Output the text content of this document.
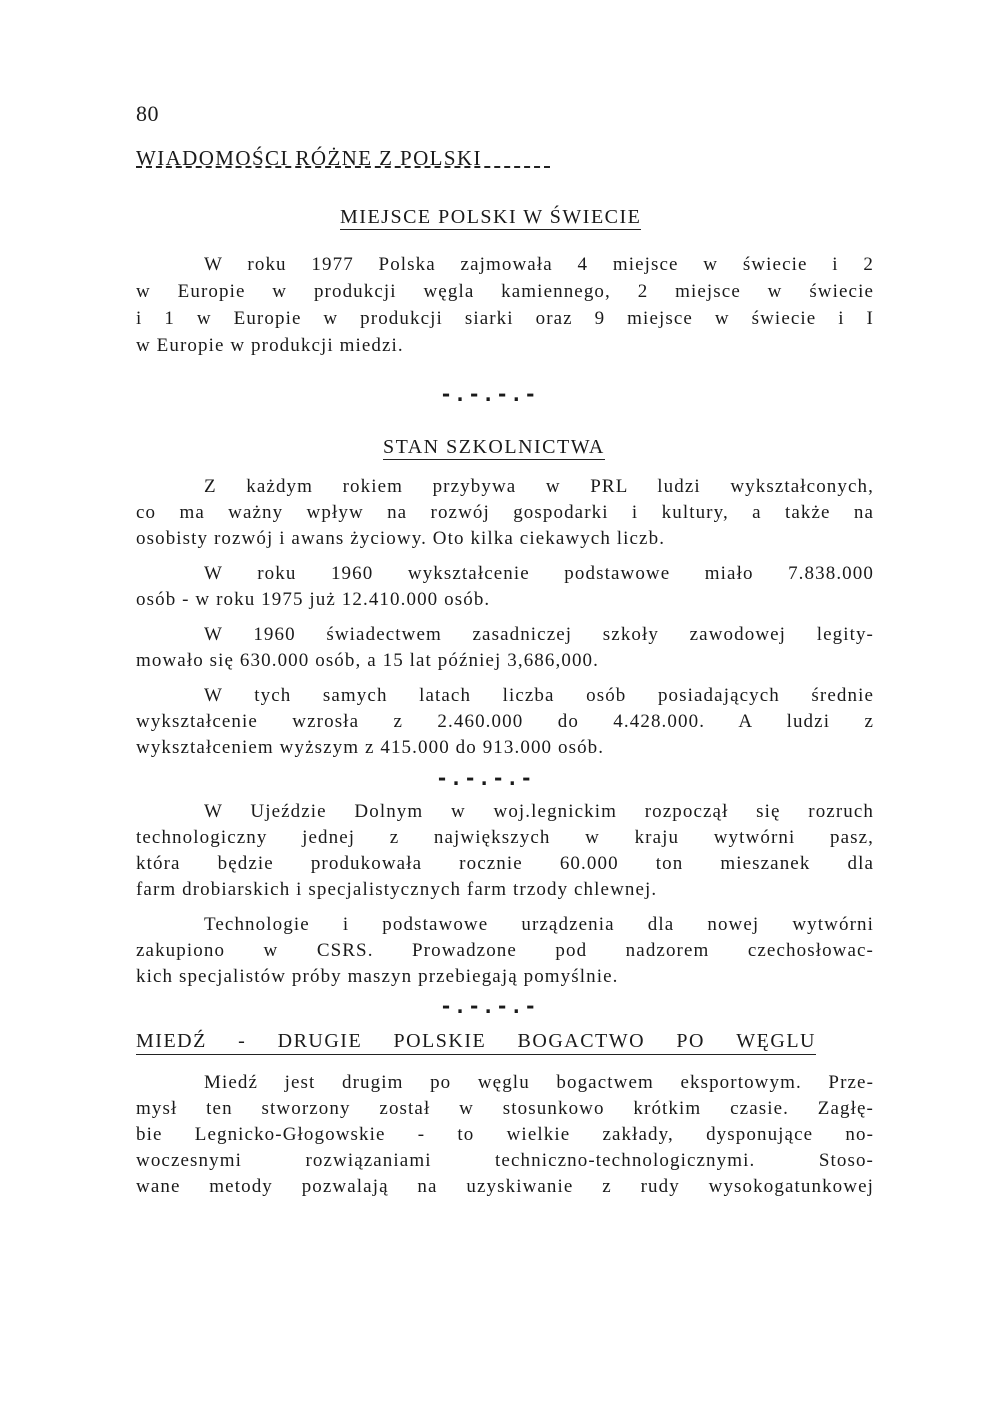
80
WIADOMOŚCI RÓŻNE Z POLSKI
MIEJSCE POLSKI W ŚWIECIE
W roku 1977 Polska zajmowała 4 miejsce w świecie i 2
w Europie w produkcji węgla kamiennego, 2 miejsce w świecie
i 1 w Europie w produkcji siarki oraz 9 miejsce w świecie i I
w Europie w produkcji miedzi.
-.-.-.-
STAN SZKOLNICTWA
Z każdym rokiem przybywa w PRL ludzi wykształconych,
co ma ważny wpływ na rozwój gospodarki i kultury, a także na
osobisty rozwój i awans życiowy. Oto kilka ciekawych liczb.
W roku 1960 wykształcenie podstawowe miało 7.838.000
osób - w roku 1975 już 12.410.000 osób.
W 1960 świadectwem zasadniczej szkoły zawodowej legity-
mowało się 630.000 osób, a 15 lat później 3,686,000.
W tych samych latach liczba osób posiadających średnie
wykształcenie wzrosła z 2.460.000 do 4.428.000. A ludzi z
wykształceniem wyższym z 415.000 do 913.000 osób.
-.-.-.-
W Ujeździe Dolnym w woj.legnickim rozpoczął się rozruch
technologiczny jednej z największych w kraju wytwórni pasz,
która będzie produkowała rocznie 60.000 ton mieszanek dla
farm drobiarskich i specjalistycznych farm trzody chlewnej.
Technologie i podstawowe urządzenia dla nowej wytwórni
zakupiono w CSRS. Prowadzone pod nadzorem czechosłowac-
kich specjalistów próby maszyn przebiegają pomyślnie.
-.-.-.-
MIEDŹ - DRUGIE POLSKIE BOGACTWO PO WĘGLU
Miedź jest drugim po węglu bogactwem eksportowym. Prze-
mysł ten stworzony został w stosunkowo krótkim czasie. Zagłę-
bie Legnicko-Głogowskie - to wielkie zakłady, dysponujące no-
woczesnymi rozwiązaniami techniczno-technologicznymi. Stoso-
wane metody pozwalają na uzyskiwanie z rudy wysokogatunkowej
